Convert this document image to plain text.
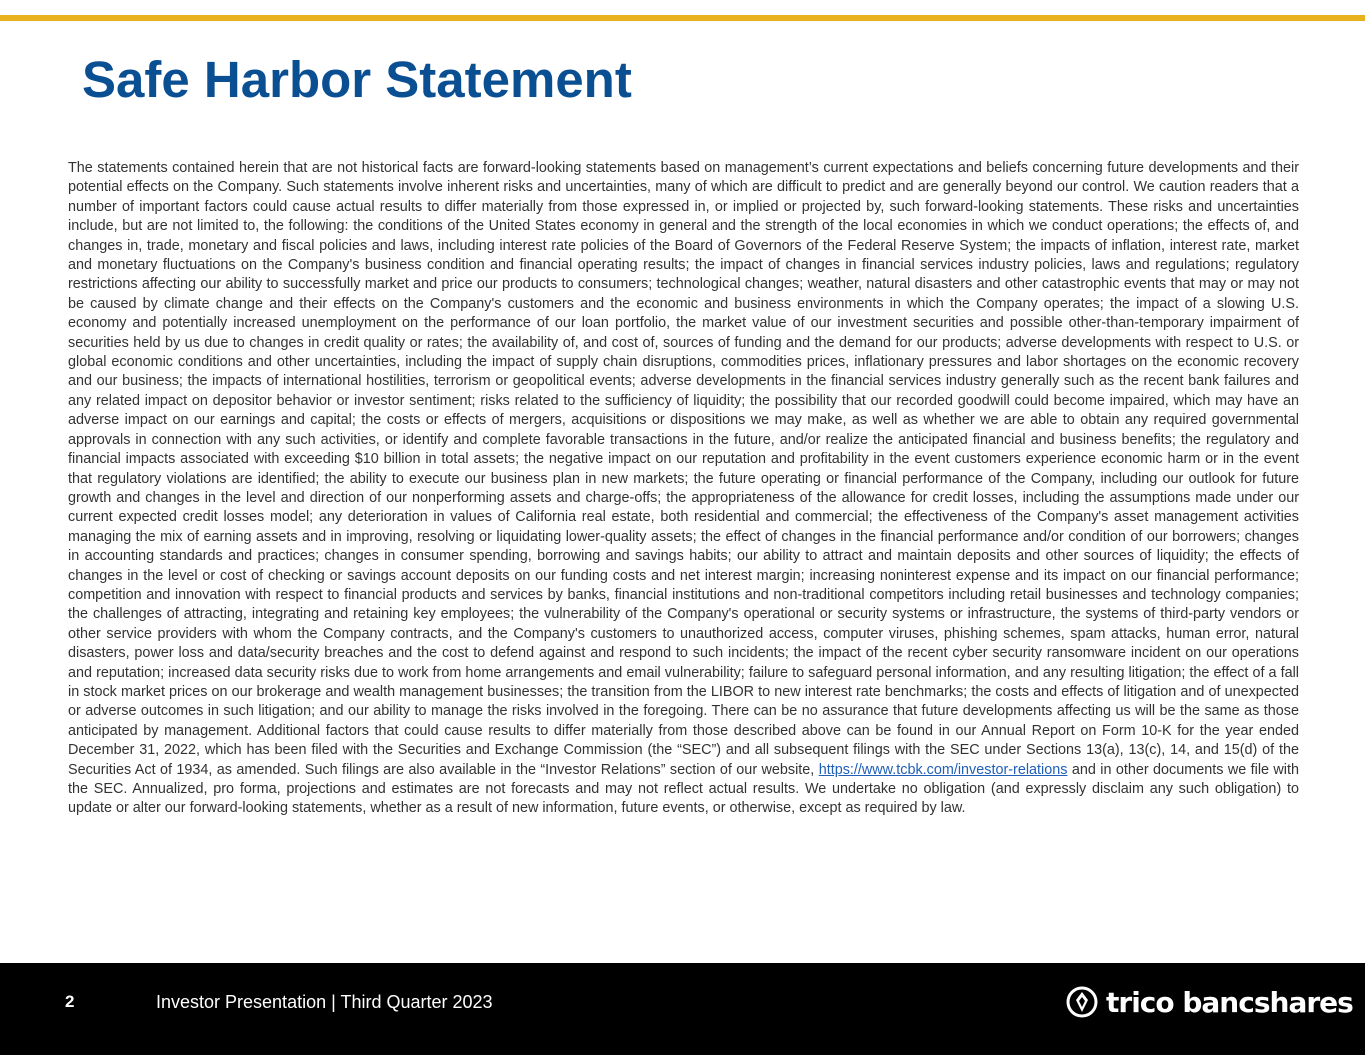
Safe Harbor Statement

The statements contained herein that are not historical facts are forward-looking statements based on management’s current expectations and beliefs concerning future developments and their potential effects on the Company. Such statements involve inherent risks and uncertainties, many of which are difficult to predict and are generally beyond our control. We caution readers that a number of important factors could cause actual results to differ materially from those expressed in, or implied or projected by, such forward-looking statements. These risks and uncertainties include, but are not limited to, the following: the conditions of the United States economy in general and the strength of the local economies in which we conduct operations; the effects of, and changes in, trade, monetary and fiscal policies and laws, including interest rate policies of the Board of Governors of the Federal Reserve System; the impacts of inflation, interest rate, market and monetary fluctuations on the Company's business condition and financial operating results; the impact of changes in financial services industry policies, laws and regulations; regulatory restrictions affecting our ability to successfully market and price our products to consumers; technological changes; weather, natural disasters and other catastrophic events that may or may not be caused by climate change and their effects on the Company's customers and the economic and business environments in which the Company operates; the impact of a slowing U.S. economy and potentially increased unemployment on the performance of our loan portfolio, the market value of our investment securities and possible other-than-temporary impairment of securities held by us due to changes in credit quality or rates; the availability of, and cost of, sources of funding and the demand for our products; adverse developments with respect to U.S. or global economic conditions and other uncertainties, including the impact of supply chain disruptions, commodities prices, inflationary pressures and labor shortages on the economic recovery and our business; the impacts of international hostilities, terrorism or geopolitical events; adverse developments in the financial services industry generally such as the recent bank failures and any related impact on depositor behavior or investor sentiment; risks related to the sufficiency of liquidity; the possibility that our recorded goodwill could become impaired, which may have an adverse impact on our earnings and capital; the costs or effects of mergers, acquisitions or dispositions we may make, as well as whether we are able to obtain any required governmental approvals in connection with any such activities, or identify and complete favorable transactions in the future, and/or realize the anticipated financial and business benefits; the regulatory and financial impacts associated with exceeding $10 billion in total assets; the negative impact on our reputation and profitability in the event customers experience economic harm or in the event that regulatory violations are identified; the ability to execute our business plan in new markets; the future operating or financial performance of the Company, including our outlook for future growth and changes in the level and direction of our nonperforming assets and charge-offs; the appropriateness of the allowance for credit losses, including the assumptions made under our current expected credit losses model; any deterioration in values of California real estate, both residential and commercial; the effectiveness of the Company's asset management activities managing the mix of earning assets and in improving, resolving or liquidating lower-quality assets; the effect of changes in the financial performance and/or condition of our borrowers; changes in accounting standards and practices; changes in consumer spending, borrowing and savings habits; our ability to attract and maintain deposits and other sources of liquidity; the effects of changes in the level or cost of checking or savings account deposits on our funding costs and net interest margin; increasing noninterest expense and its impact on our financial performance; competition and innovation with respect to financial products and services by banks, financial institutions and non-traditional competitors including retail businesses and technology companies; the challenges of attracting, integrating and retaining key employees; the vulnerability of the Company's operational or security systems or infrastructure, the systems of third-party vendors or other service providers with whom the Company contracts, and the Company's customers to unauthorized access, computer viruses, phishing schemes, spam attacks, human error, natural disasters, power loss and data/security breaches and the cost to defend against and respond to such incidents; the impact of the recent cyber security ransomware incident on our operations and reputation; increased data security risks due to work from home arrangements and email vulnerability; failure to safeguard personal information, and any resulting litigation; the effect of a fall in stock market prices on our brokerage and wealth management businesses; the transition from the LIBOR to new interest rate benchmarks; the costs and effects of litigation and of unexpected or adverse outcomes in such litigation; and our ability to manage the risks involved in the foregoing. There can be no assurance that future developments affecting us will be the same as those anticipated by management. Additional factors that could cause results to differ materially from those described above can be found in our Annual Report on Form 10-K for the year ended December 31, 2022, which has been filed with the Securities and Exchange Commission (the “SEC”) and all subsequent filings with the SEC under Sections 13(a), 13(c), 14, and 15(d) of the Securities Act of 1934, as amended. Such filings are also available in the “Investor Relations” section of our website, https://www.tcbk.com/investor-relations and in other documents we file with the SEC. Annualized, pro forma, projections and estimates are not forecasts and may not reflect actual results. We undertake no obligation (and expressly disclaim any such obligation) to update or alter our forward-looking statements, whether as a result of new information, future events, or otherwise, except as required by law.

2	Investor Presentation | Third Quarter 2023	trico bancshares
